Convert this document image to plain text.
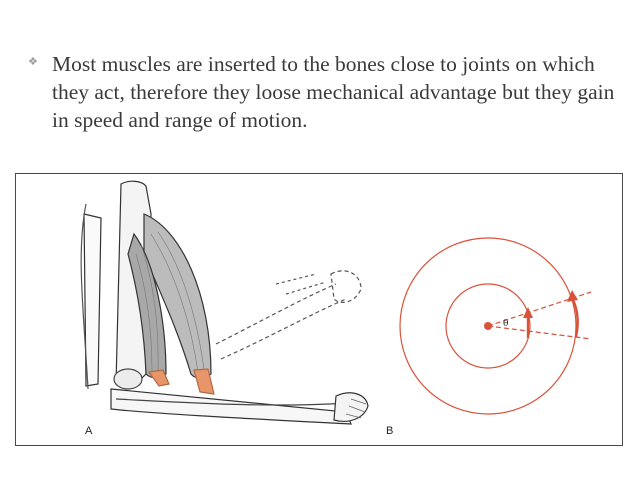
❖ Most muscles are inserted to the bones close to joints on which they act, therefore they loose mechanical advantage but they gain in speed and range of motion.
A	B
θ
